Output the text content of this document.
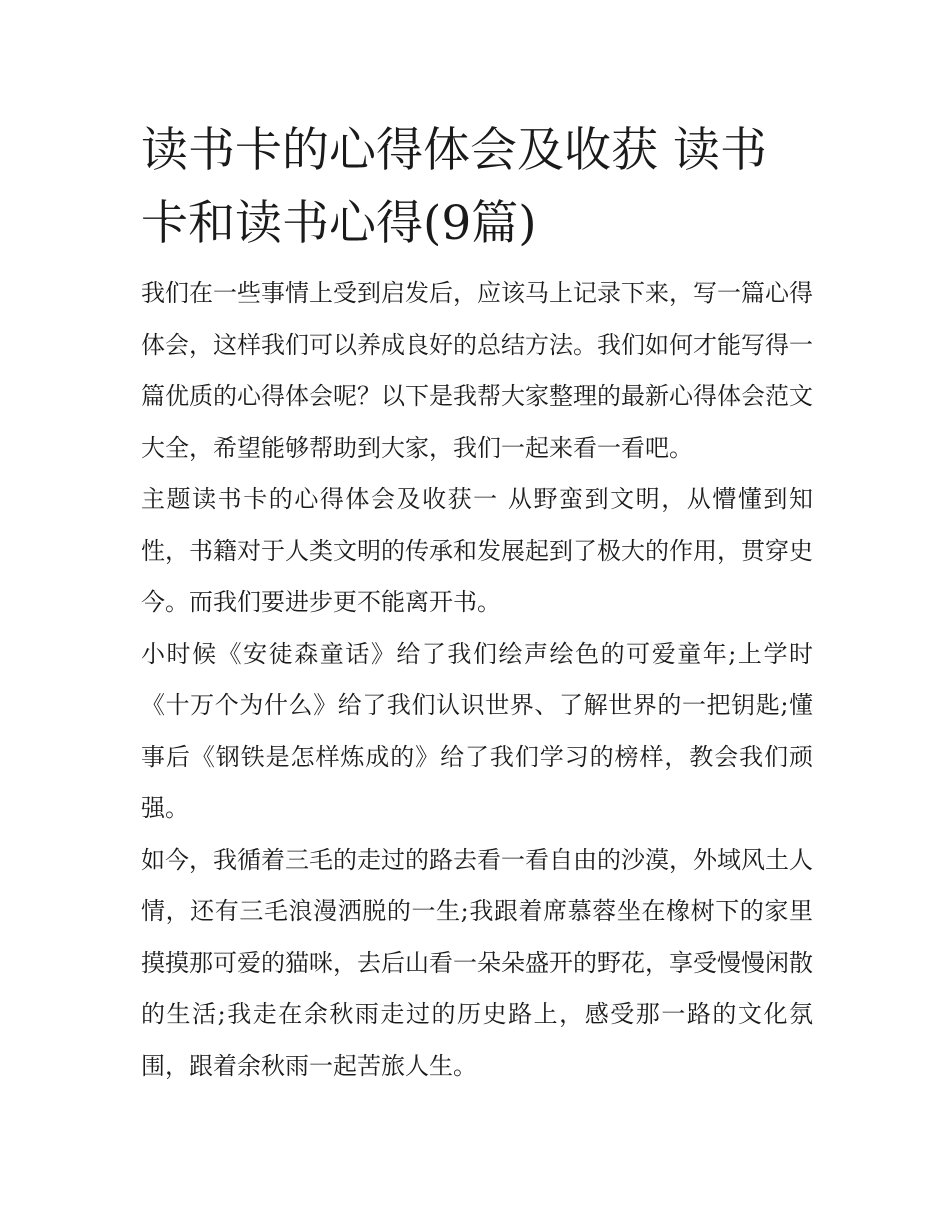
读书卡的心得体会及收获 读书卡和读书心得(9篇)

我们在一些事情上受到启发后，应该马上记录下来，写一篇心得体会，这样我们可以养成良好的总结方法。我们如何才能写得一篇优质的心得体会呢？以下是我帮大家整理的最新心得体会范文大全，希望能够帮助到大家，我们一起来看一看吧。

主题读书卡的心得体会及收获一 从野蛮到文明，从懵懂到知性，书籍对于人类文明的传承和发展起到了极大的作用，贯穿史今。而我们要进步更不能离开书。

小时候《安徒森童话》给了我们绘声绘色的可爱童年;上学时《十万个为什么》给了我们认识世界、了解世界的一把钥匙;懂事后《钢铁是怎样炼成的》给了我们学习的榜样，教会我们顽强。

如今，我循着三毛的走过的路去看一看自由的沙漠，外域风土人情，还有三毛浪漫洒脱的一生;我跟着席慕蓉坐在橡树下的家里摸摸那可爱的猫咪，去后山看一朵朵盛开的野花，享受慢慢闲散的生活;我走在余秋雨走过的历史路上，感受那一路的文化氛围，跟着余秋雨一起苦旅人生。
